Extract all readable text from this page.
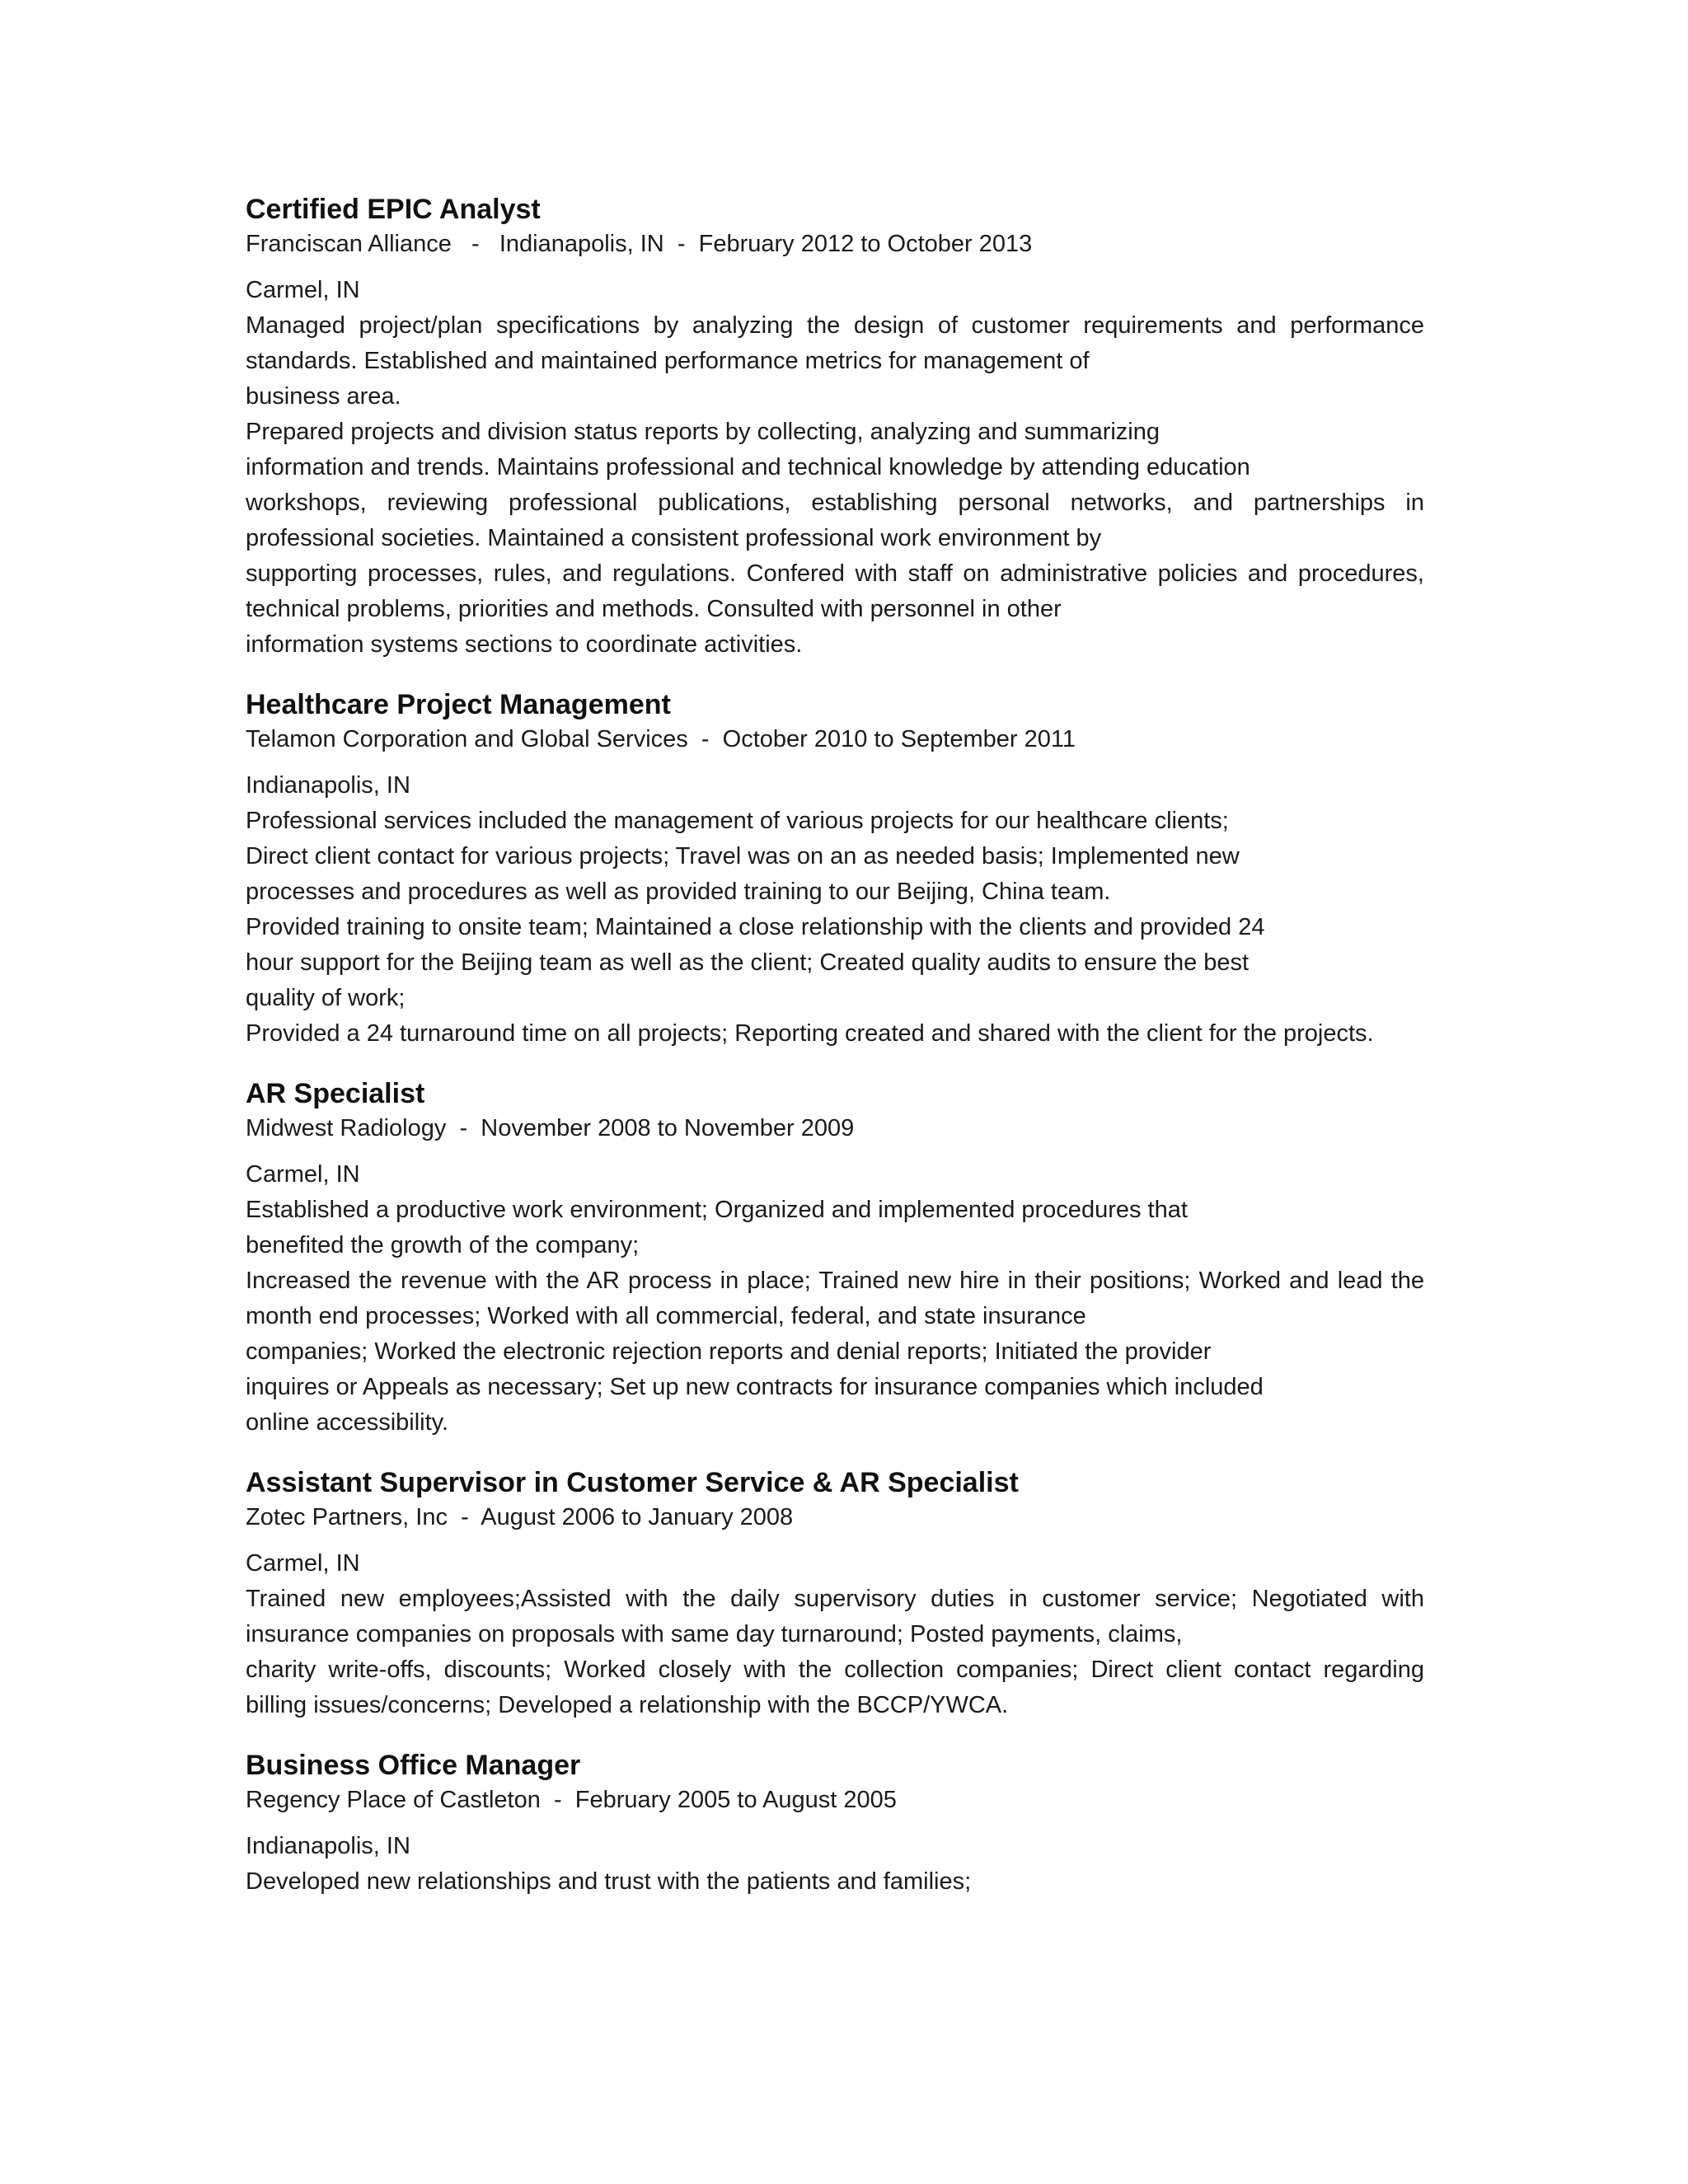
Certified EPIC Analyst
Franciscan Alliance   -   Indianapolis, IN  -  February 2012 to October 2013
Carmel, IN
Managed project/plan specifications by analyzing the design of customer requirements and performance
standards. Established and maintained performance metrics for management of
business area.
Prepared projects and division status reports by collecting, analyzing and summarizing
information and trends. Maintains professional and technical knowledge by attending education
workshops, reviewing professional publications, establishing personal networks, and partnerships in
professional societies. Maintained a consistent professional work environment by
supporting processes, rules, and regulations. Confered with staff on administrative policies and procedures,
technical problems, priorities and methods. Consulted with personnel in other
information systems sections to coordinate activities.
Healthcare Project Management
Telamon Corporation and Global Services  -  October 2010 to September 2011
Indianapolis, IN
Professional services included the management of various projects for our healthcare clients;
Direct client contact for various projects; Travel was on an as needed basis; Implemented new
processes and procedures as well as provided training to our Beijing, China team.
Provided training to onsite team; Maintained a close relationship with the clients and provided 24
hour support for the Beijing team as well as the client; Created quality audits to ensure the best
quality of work;
Provided a 24 turnaround time on all projects; Reporting created and shared with the client for the projects.
AR Specialist
Midwest Radiology  -  November 2008 to November 2009
Carmel, IN
Established a productive work environment; Organized and implemented procedures that
benefited the growth of the company;
Increased the revenue with the AR process in place; Trained new hire in their positions; Worked and lead the
month end processes; Worked with all commercial, federal, and state insurance
companies; Worked the electronic rejection reports and denial reports; Initiated the provider
inquires or Appeals as necessary; Set up new contracts for insurance companies which included
online accessibility.
Assistant Supervisor in Customer Service & AR Specialist
Zotec Partners, Inc  -  August 2006 to January 2008
Carmel, IN
Trained new employees;Assisted with the daily supervisory duties in customer service; Negotiated with
insurance companies on proposals with same day turnaround; Posted payments, claims,
charity write-offs, discounts; Worked closely with the collection companies; Direct client contact regarding
billing issues/concerns; Developed a relationship with the BCCP/YWCA.
Business Office Manager
Regency Place of Castleton  -  February 2005 to August 2005
Indianapolis, IN
Developed new relationships and trust with the patients and families;
